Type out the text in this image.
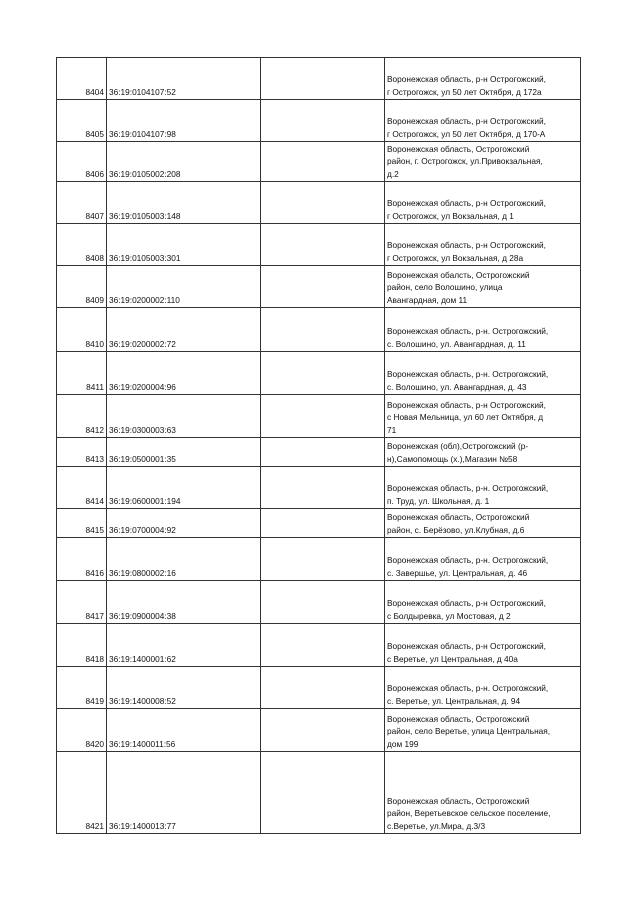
8404	36:19:0104107:52		Воронежская область, р-н Острогожский,
г Острогожск, ул 50 лет Октября, д 172а

8405	36:19:0104107:98		Воронежская область, р-н Острогожский,
г Острогожск, ул 50 лет Октября, д 170-А

8406	36:19:0105002:208		Воронежская область, Острогожский
район, г. Острогожск, ул.Привокзальная,
д.2

8407	36:19:0105003:148		Воронежская область, р-н Острогожский,
г Острогожск, ул Вокзальная, д 1

8408	36:19:0105003:301		Воронежская область, р-н Острогожский,
г Острогожск, ул Вокзальная, д 28а

8409	36:19:0200002:110		Воронежская обалсть, Острогожский
район, село Волошино, улица
Авангардная, дом 11

8410	36:19:0200002:72		Воронежская область, р-н. Острогожский,
с. Волошино, ул. Авангардная, д. 11

8411	36:19:0200004:96		Воронежская область, р-н. Острогожский,
с. Волошино, ул. Авангардная, д. 43

8412	36:19:0300003:63		Воронежская область, р-н Острогожский,
с Новая Мельница, ул 60 лет Октября, д
71

8413	36:19:0500001:35		Воронежская (обл),Острогожский (р-
н),Самопомощь (х.),Магазин №58

8414	36:19:0600001:194		Воронежская область, р-н. Острогожский,
п. Труд, ул. Школьная, д. 1

8415	36:19:0700004:92		Воронежская область, Острогожский
район, с. Берёзово, ул.Клубная, д.6

8416	36:19:0800002:16		Воронежская область, р-н. Острогожский,
с. Завершье, ул. Центральная, д. 46

8417	36:19:0900004:38		Воронежская область, р-н Острогожский,
с Болдыревка, ул Мостовая, д 2

8418	36:19:1400001:62		Воронежская область, р-н Острогожский,
с Веретье, ул Центральная, д 40а

8419	36:19:1400008:52		Воронежская область, р-н. Острогожский,
с. Веретье, ул. Центральная, д. 94

8420	36:19:1400011:56		Воронежская область, Острогожский
район, село Веретье, улица Центральная,
дом 199

8421	36:19:1400013:77		Воронежская область, Острогожский
район, Веретьевское сельское поселение,
с.Веретье, ул.Мира, д.3/3
